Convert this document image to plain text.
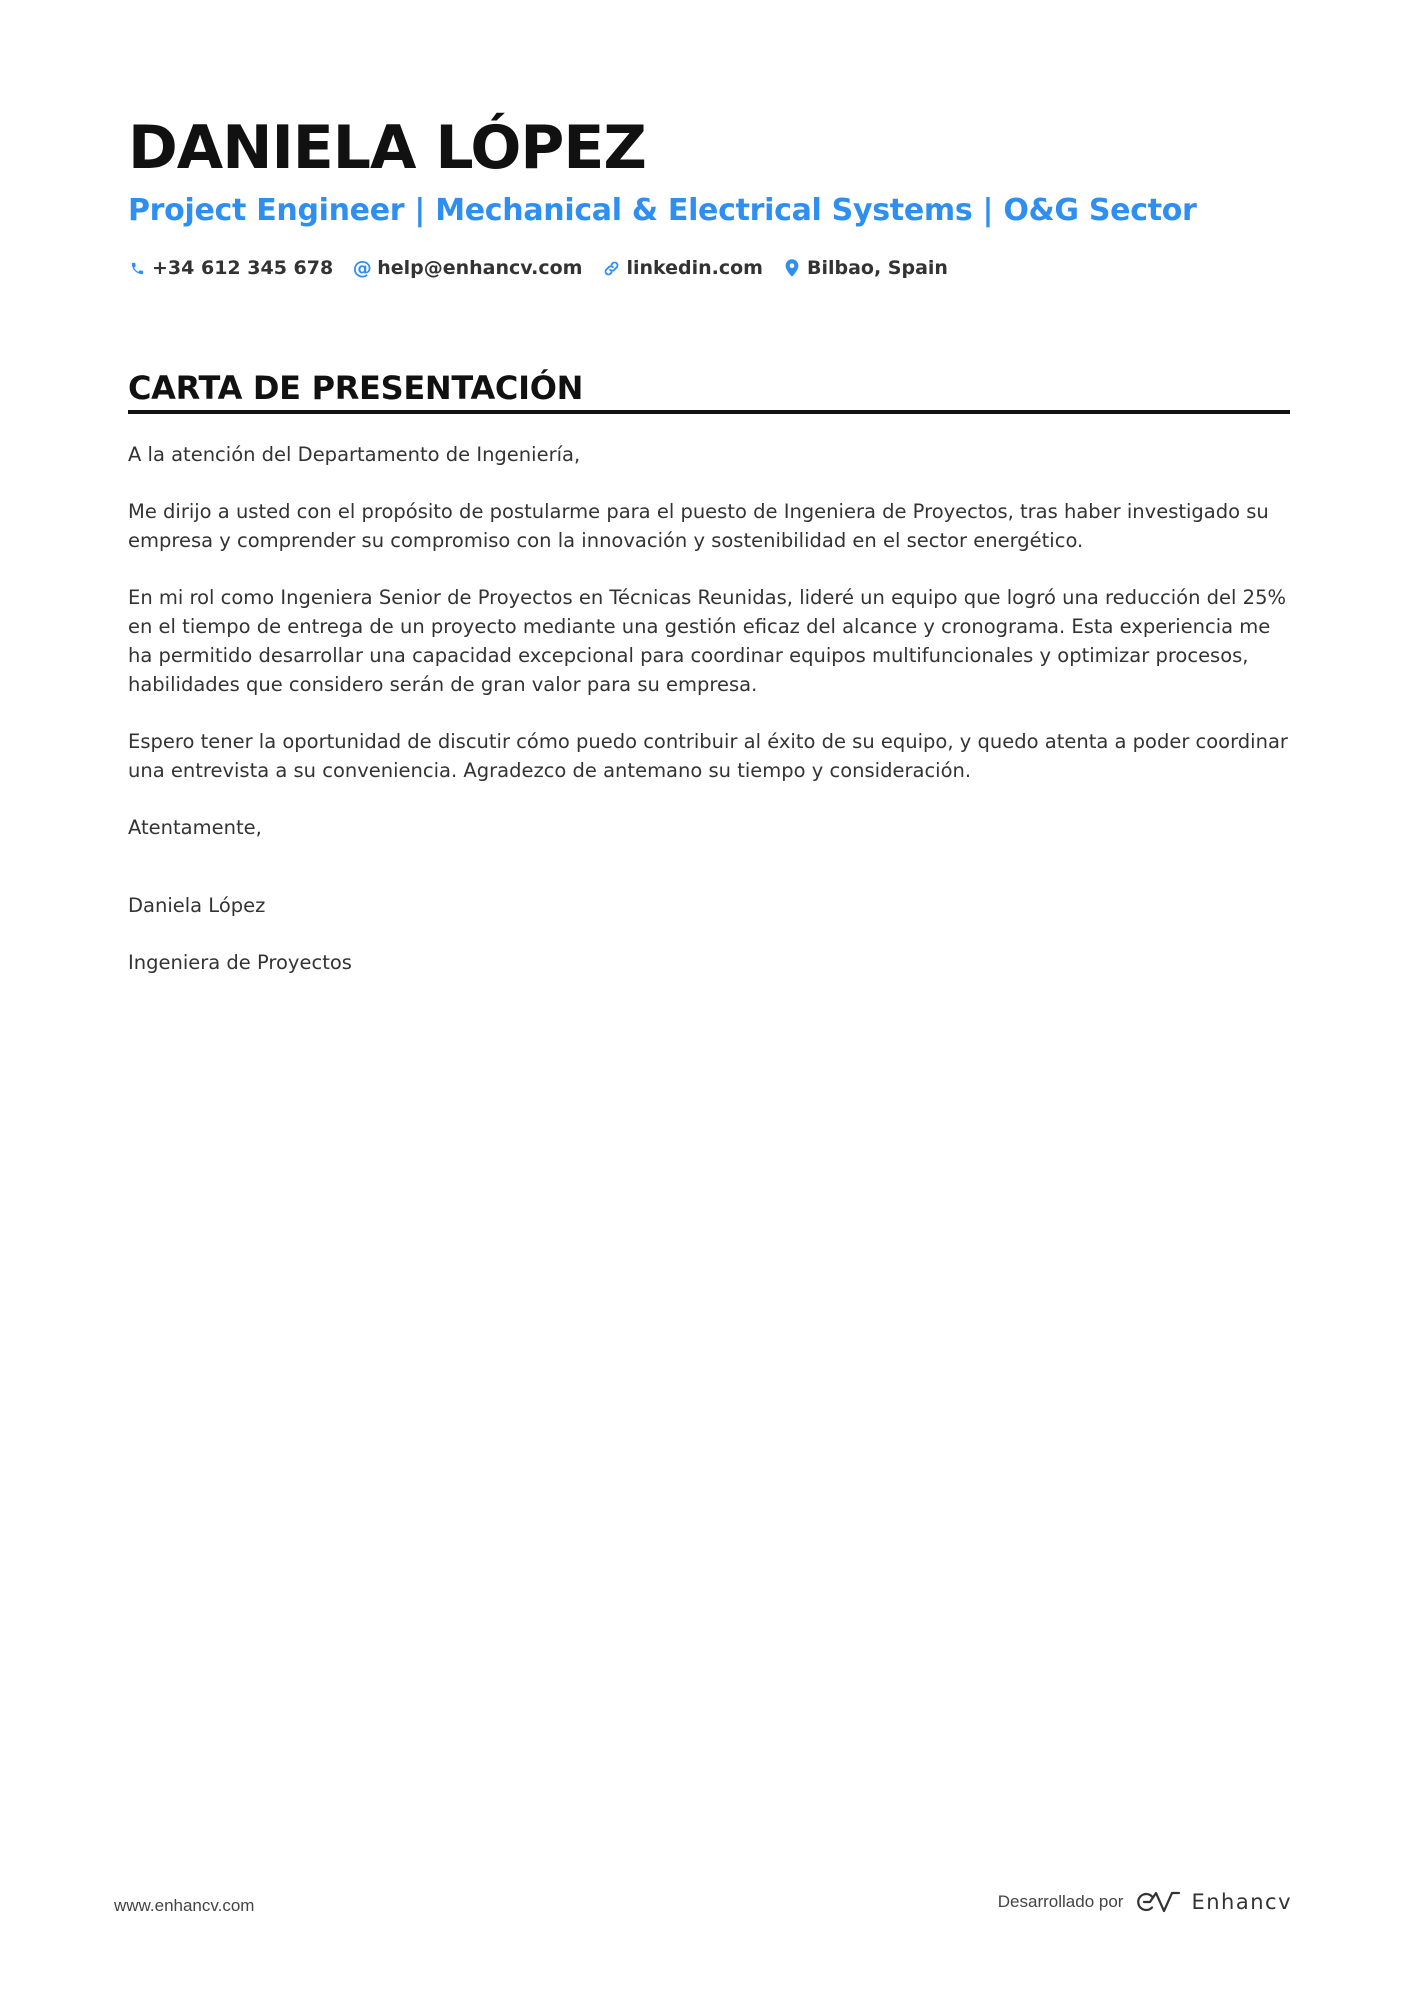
DANIELA LÓPEZ
Project Engineer | Mechanical & Electrical Systems | O&G Sector
+34 612 345 678 @ help@enhancv.com linkedin.com Bilbao, Spain
CARTA DE PRESENTACIÓN

A la atención del Departamento de Ingeniería,

Me dirijo a usted con el propósito de postularme para el puesto de Ingeniera de Proyectos, tras haber investigado su empresa y comprender su compromiso con la innovación y sostenibilidad en el sector energético.

En mi rol como Ingeniera Senior de Proyectos en Técnicas Reunidas, lideré un equipo que logró una reducción del 25% en el tiempo de entrega de un proyecto mediante una gestión eficaz del alcance y cronograma. Esta experiencia me ha permitido desarrollar una capacidad excepcional para coordinar equipos multifuncionales y optimizar procesos, habilidades que considero serán de gran valor para su empresa.

Espero tener la oportunidad de discutir cómo puedo contribuir al éxito de su equipo, y quedo atenta a poder coordinar una entrevista a su conveniencia. Agradezco de antemano su tiempo y consideración.

Atentamente,

Daniela López

Ingeniera de Proyectos

www.enhancv.com	Desarrollado por	Enhancv
